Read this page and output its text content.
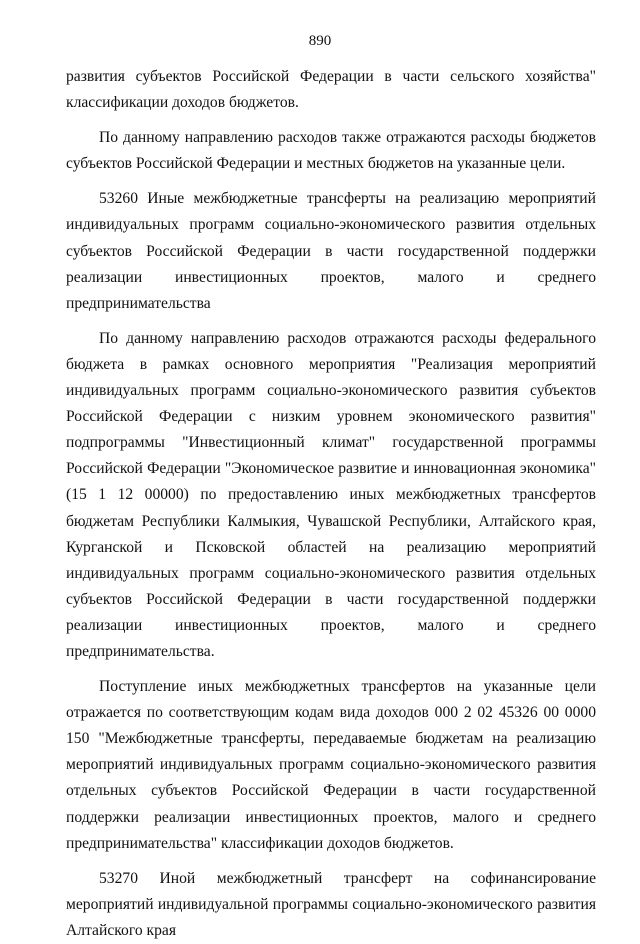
890

развития субъектов Российской Федерации в части сельского хозяйства" классификации доходов бюджетов.

По данному направлению расходов также отражаются расходы бюджетов субъектов Российской Федерации и местных бюджетов на указанные цели.

53260 Иные межбюджетные трансферты на реализацию мероприятий индивидуальных программ социально-экономического развития отдельных субъектов Российской Федерации в части государственной поддержки реализации инвестиционных проектов, малого и среднего предпринимательства

По данному направлению расходов отражаются расходы федерального бюджета в рамках основного мероприятия "Реализация мероприятий индивидуальных программ социально-экономического развития субъектов Российской Федерации с низким уровнем экономического развития" подпрограммы "Инвестиционный климат" государственной программы Российской Федерации "Экономическое развитие и инновационная экономика" (15 1 12 00000) по предоставлению иных межбюджетных трансфертов бюджетам Республики Калмыкия, Чувашской Республики, Алтайского края, Курганской и Псковской областей на реализацию мероприятий индивидуальных программ социально-экономического развития отдельных субъектов Российской Федерации в части государственной поддержки реализации инвестиционных проектов, малого и среднего предпринимательства.

Поступление иных межбюджетных трансфертов на указанные цели отражается по соответствующим кодам вида доходов 000 2 02 45326 00 0000 150 "Межбюджетные трансферты, передаваемые бюджетам на реализацию мероприятий индивидуальных программ социально-экономического развития отдельных субъектов Российской Федерации в части государственной поддержки реализации инвестиционных проектов, малого и среднего предпринимательства" классификации доходов бюджетов.

53270 Иной межбюджетный трансферт на софинансирование мероприятий индивидуальной программы социально-экономического развития Алтайского края
